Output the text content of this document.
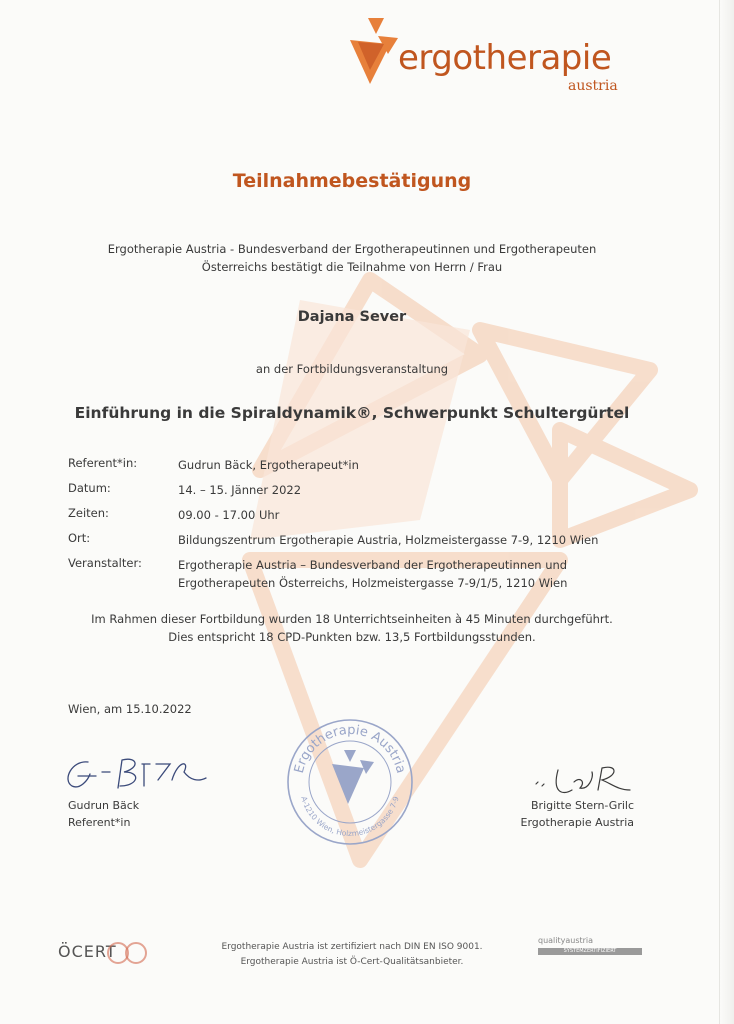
ergotherapie
austria
Teilnahmebestätigung
Ergotherapie Austria - Bundesverband der Ergotherapeutinnen und Ergotherapeuten
Österreichs bestätigt die Teilnahme von Herrn / Frau
Dajana Sever
an der Fortbildungsveranstaltung
Einführung in die Spiraldynamik®, Schwerpunkt Schultergürtel
Referent*in:	Gudrun Bäck, Ergotherapeut*in
Datum:	14. – 15. Jänner 2022
Zeiten:	09.00 - 17.00 Uhr
Ort:	Bildungszentrum Ergotherapie Austria, Holzmeistergasse 7-9, 1210 Wien
Veranstalter:	Ergotherapie Austria – Bundesverband der Ergotherapeutinnen und
Ergotherapeuten Österreichs, Holzmeistergasse 7-9/1/5, 1210 Wien
Im Rahmen dieser Fortbildung wurden 18 Unterrichtseinheiten à 45 Minuten durchgeführt.
Dies entspricht 18 CPD-Punkten bzw. 13,5 Fortbildungsstunden.
Wien, am 15.10.2022
Gudrun Bäck
Referent*in
Ergotherapie Austria
A-1210 Wien, Holzmeistergasse 7-9
Brigitte Stern-Grilc
Ergotherapie Austria
ÖCERT	Ergotherapie Austria ist zertifiziert nach DIN EN ISO 9001.
Ergotherapie Austria ist Ö-Cert-Qualitätsanbieter.
qualityaustria
SYSTEMZERTIFIZIERT
